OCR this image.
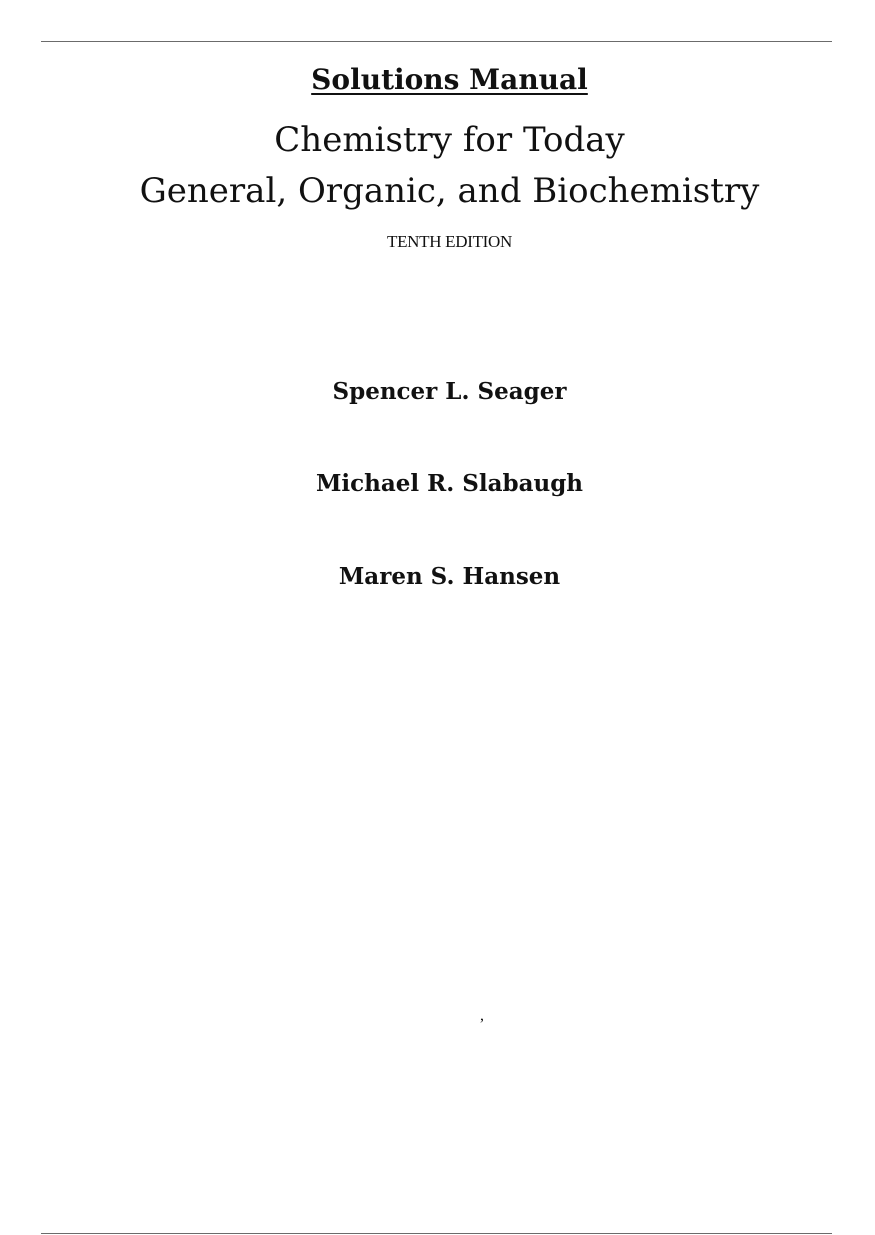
Solutions Manual
Chemistry for Today
General, Organic, and Biochemistry
TENTH EDITION
Spencer L. Seager
Michael R. Slabaugh
Maren S. Hansen
,
